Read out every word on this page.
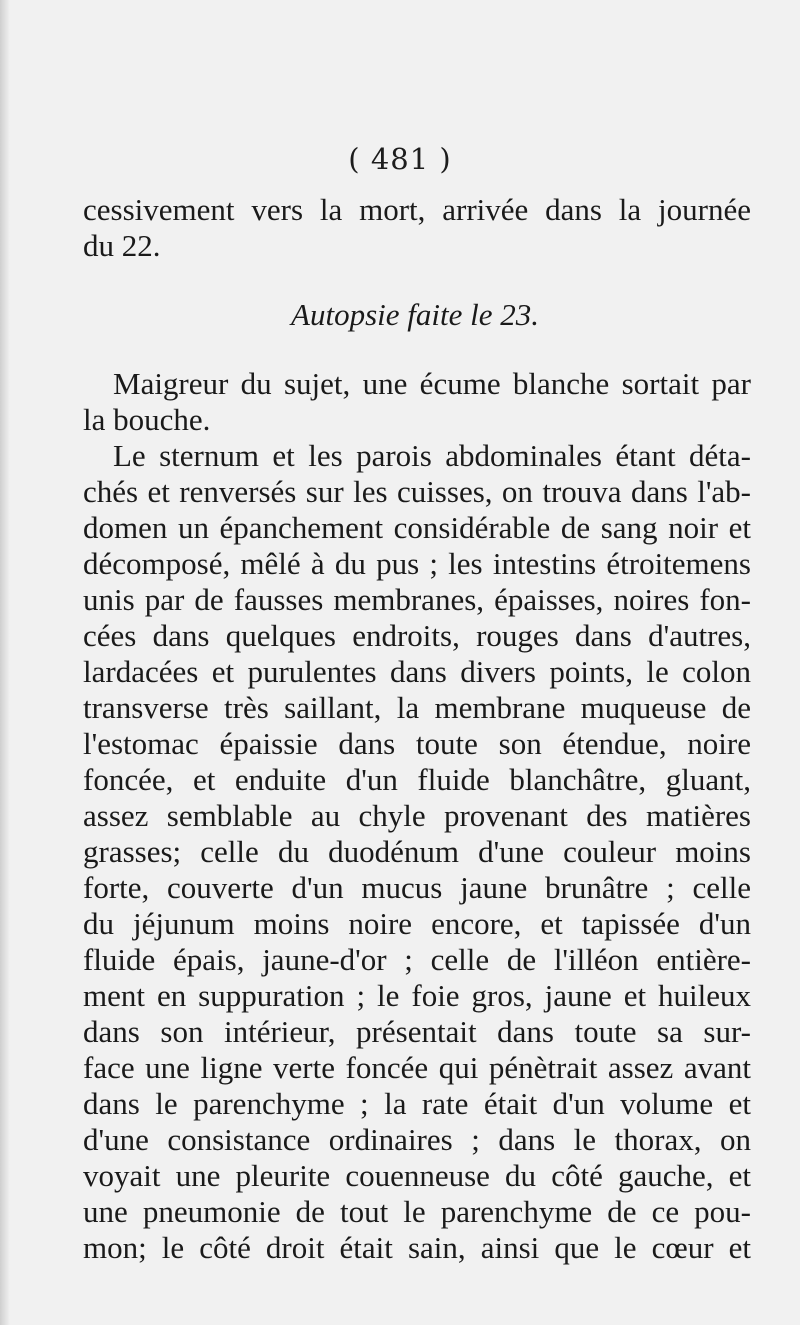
( 481 )
cessivement vers la mort, arrivée dans la journée
du 22.
Autopsie faite le 23.
Maigreur du sujet, une écume blanche sortait par
la bouche.
Le sternum et les parois abdominales étant déta-
chés et renversés sur les cuisses, on trouva dans l'ab-
domen un épanchement considérable de sang noir et
décomposé, mêlé à du pus ; les intestins étroitemens
unis par de fausses membranes, épaisses, noires fon-
cées dans quelques endroits, rouges dans d'autres,
lardacées et purulentes dans divers points, le colon
transverse très saillant, la membrane muqueuse de
l'estomac épaissie dans toute son étendue, noire
foncée, et enduite d'un fluide blanchâtre, gluant,
assez semblable au chyle provenant des matières
grasses; celle du duodénum d'une couleur moins
forte, couverte d'un mucus jaune brunâtre ; celle
du jéjunum moins noire encore, et tapissée d'un
fluide épais, jaune-d'or ; celle de l'illéon entière-
ment en suppuration ; le foie gros, jaune et huileux
dans son intérieur, présentait dans toute sa sur-
face une ligne verte foncée qui pénètrait assez avant
dans le parenchyme ; la rate était d'un volume et
d'une consistance ordinaires ; dans le thorax, on
voyait une pleurite couenneuse du côté gauche, et
une pneumonie de tout le parenchyme de ce pou-
mon; le côté droit était sain, ainsi que le cœur et
